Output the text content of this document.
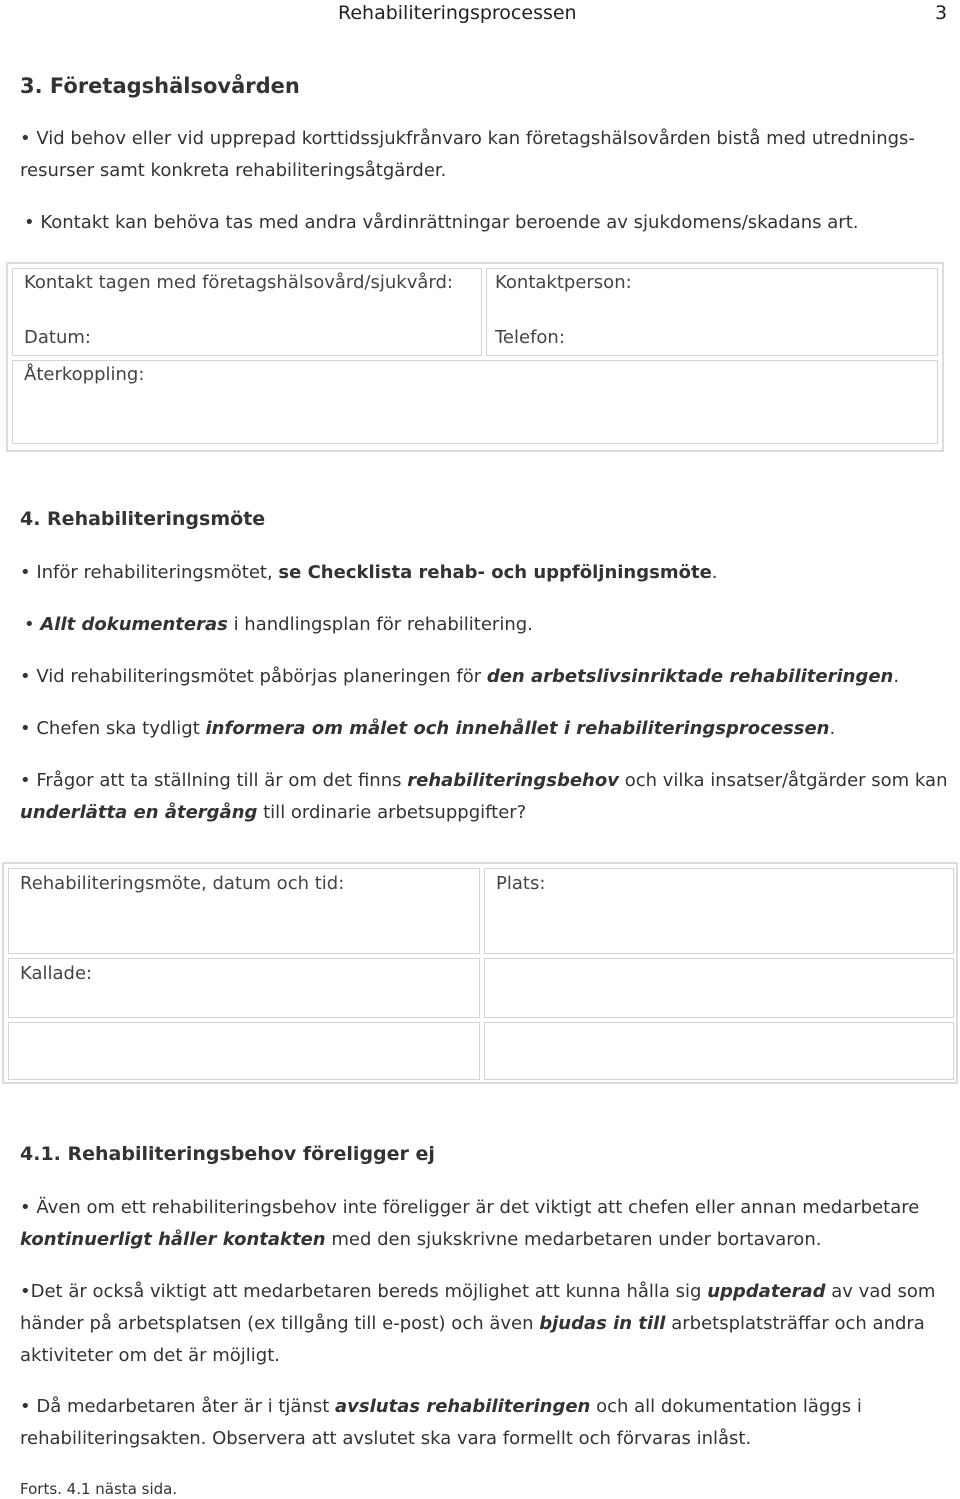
Rehabiliteringsprocessen	3
3. Företagshälsovården
• Vid behov eller vid upprepad korttidssjukfrånvaro kan företagshälsovården bistå med utrednings-
resurser samt konkreta rehabiliteringsåtgärder.
• Kontakt kan behöva tas med andra vårdinrättningar beroende av sjukdomens/skadans art.
Kontakt tagen med företagshälsovård/sjukvård: Kontaktperson:
Datum:	Telefon:
Återkoppling:
4. Rehabiliteringsmöte
• Inför rehabiliteringsmötet, se Checklista rehab- och uppföljningsmöte.
• Allt dokumenteras i handlingsplan för rehabilitering.
• Vid rehabiliteringsmötet påbörjas planeringen för den arbetslivsinriktade rehabiliteringen.
• Chefen ska tydligt informera om målet och innehållet i rehabiliteringsprocessen.
• Frågor att ta ställning till är om det finns rehabiliteringsbehov och vilka insatser/åtgärder som kan
underlätta en återgång till ordinarie arbetsuppgifter?
Rehabiliteringsmöte, datum och tid:	Plats:
Kallade:
4.1. Rehabiliteringsbehov föreligger ej
• Även om ett rehabiliteringsbehov inte föreligger är det viktigt att chefen eller annan medarbetare kontinuerligt håller kontakten med den sjukskrivne medarbetaren under bortavaron.
•Det är också viktigt att medarbetaren bereds möjlighet att kunna hålla sig uppdaterad av vad som händer på arbetsplatsen (ex tillgång till e-post) och även bjudas in till arbetsplatsträffar och andra aktiviteter om det är möjligt.
• Då medarbetaren åter är i tjänst avslutas rehabiliteringen och all dokumentation läggs i rehabiliteringsakten. Observera att avslutet ska vara formellt och förvaras inlåst.
Forts. 4.1 nästa sida.
